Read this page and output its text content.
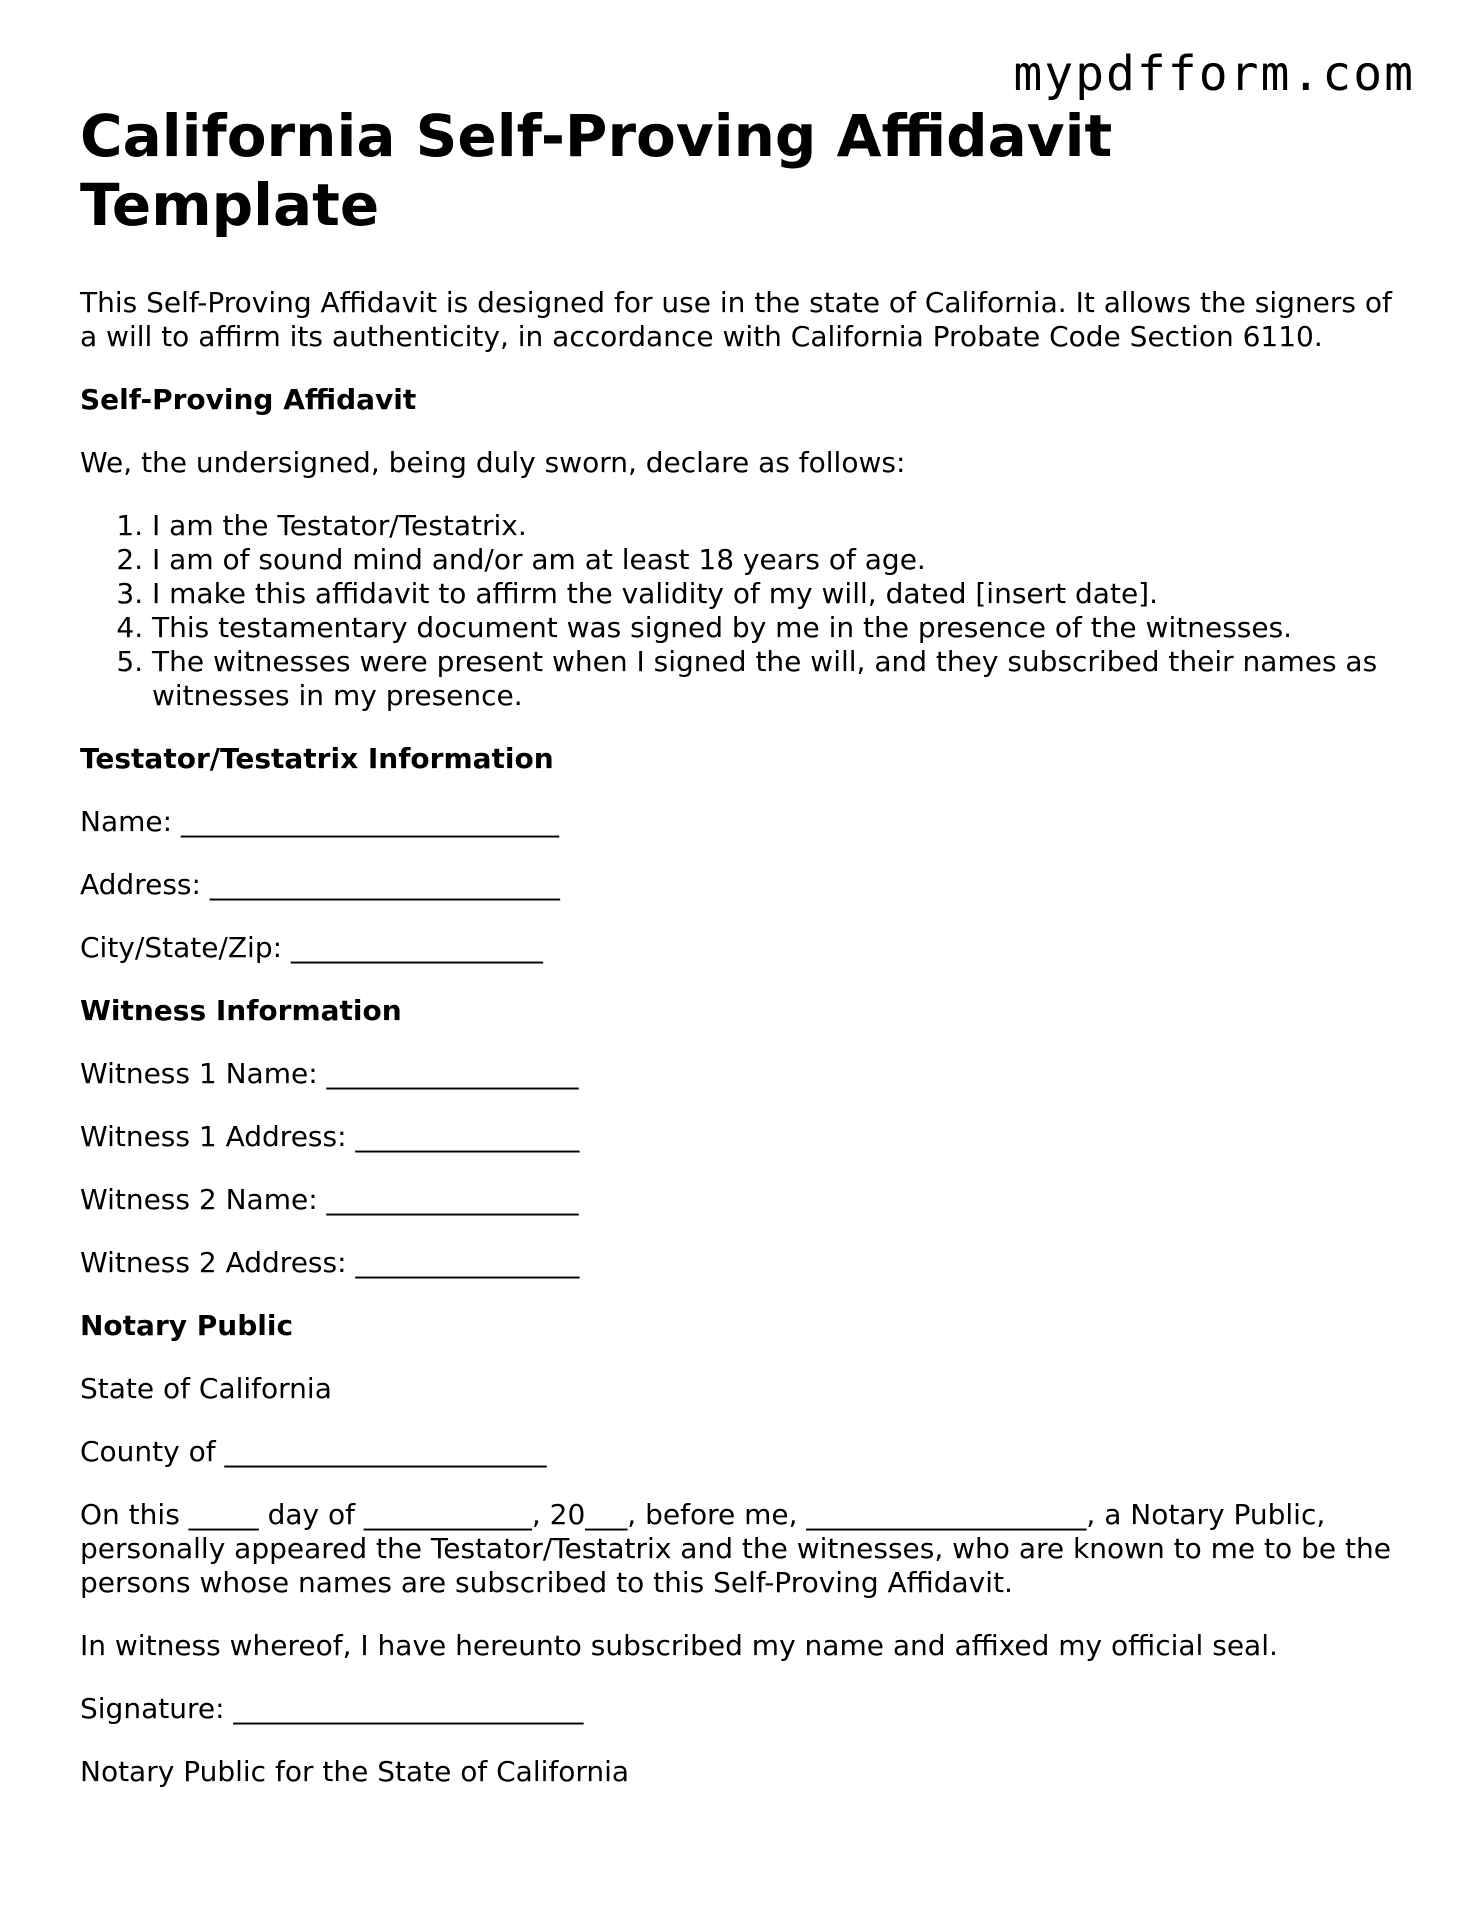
mypdfform.com
California Self-Proving Affidavit Template

This Self-Proving Affidavit is designed for use in the state of California. It allows the signers of a will to affirm its authenticity, in accordance with California Probate Code Section 6110.

Self-Proving Affidavit

We, the undersigned, being duly sworn, declare as follows:

1. I am the Testator/Testatrix.
2. I am of sound mind and/or am at least 18 years of age.
3. I make this affidavit to affirm the validity of my will, dated [insert date].
4. This testamentary document was signed by me in the presence of the witnesses.
5. The witnesses were present when I signed the will, and they subscribed their names as witnesses in my presence.
Testator/Testatrix Information

Name: ___________________________

Address: _________________________

City/State/Zip: __________________

Witness Information

Witness 1 Name: __________________

Witness 1 Address: ________________

Witness 2 Name: __________________

Witness 2 Address: ________________

Notary Public

State of California

County of _______________________

On this _____ day of ____________, 20___, before me, ____________________, a Notary Public, personally appeared the Testator/Testatrix and the witnesses, who are known to me to be the persons whose names are subscribed to this Self-Proving Affidavit.

In witness whereof, I have hereunto subscribed my name and affixed my official seal.

Signature: _________________________

Notary Public for the State of California
